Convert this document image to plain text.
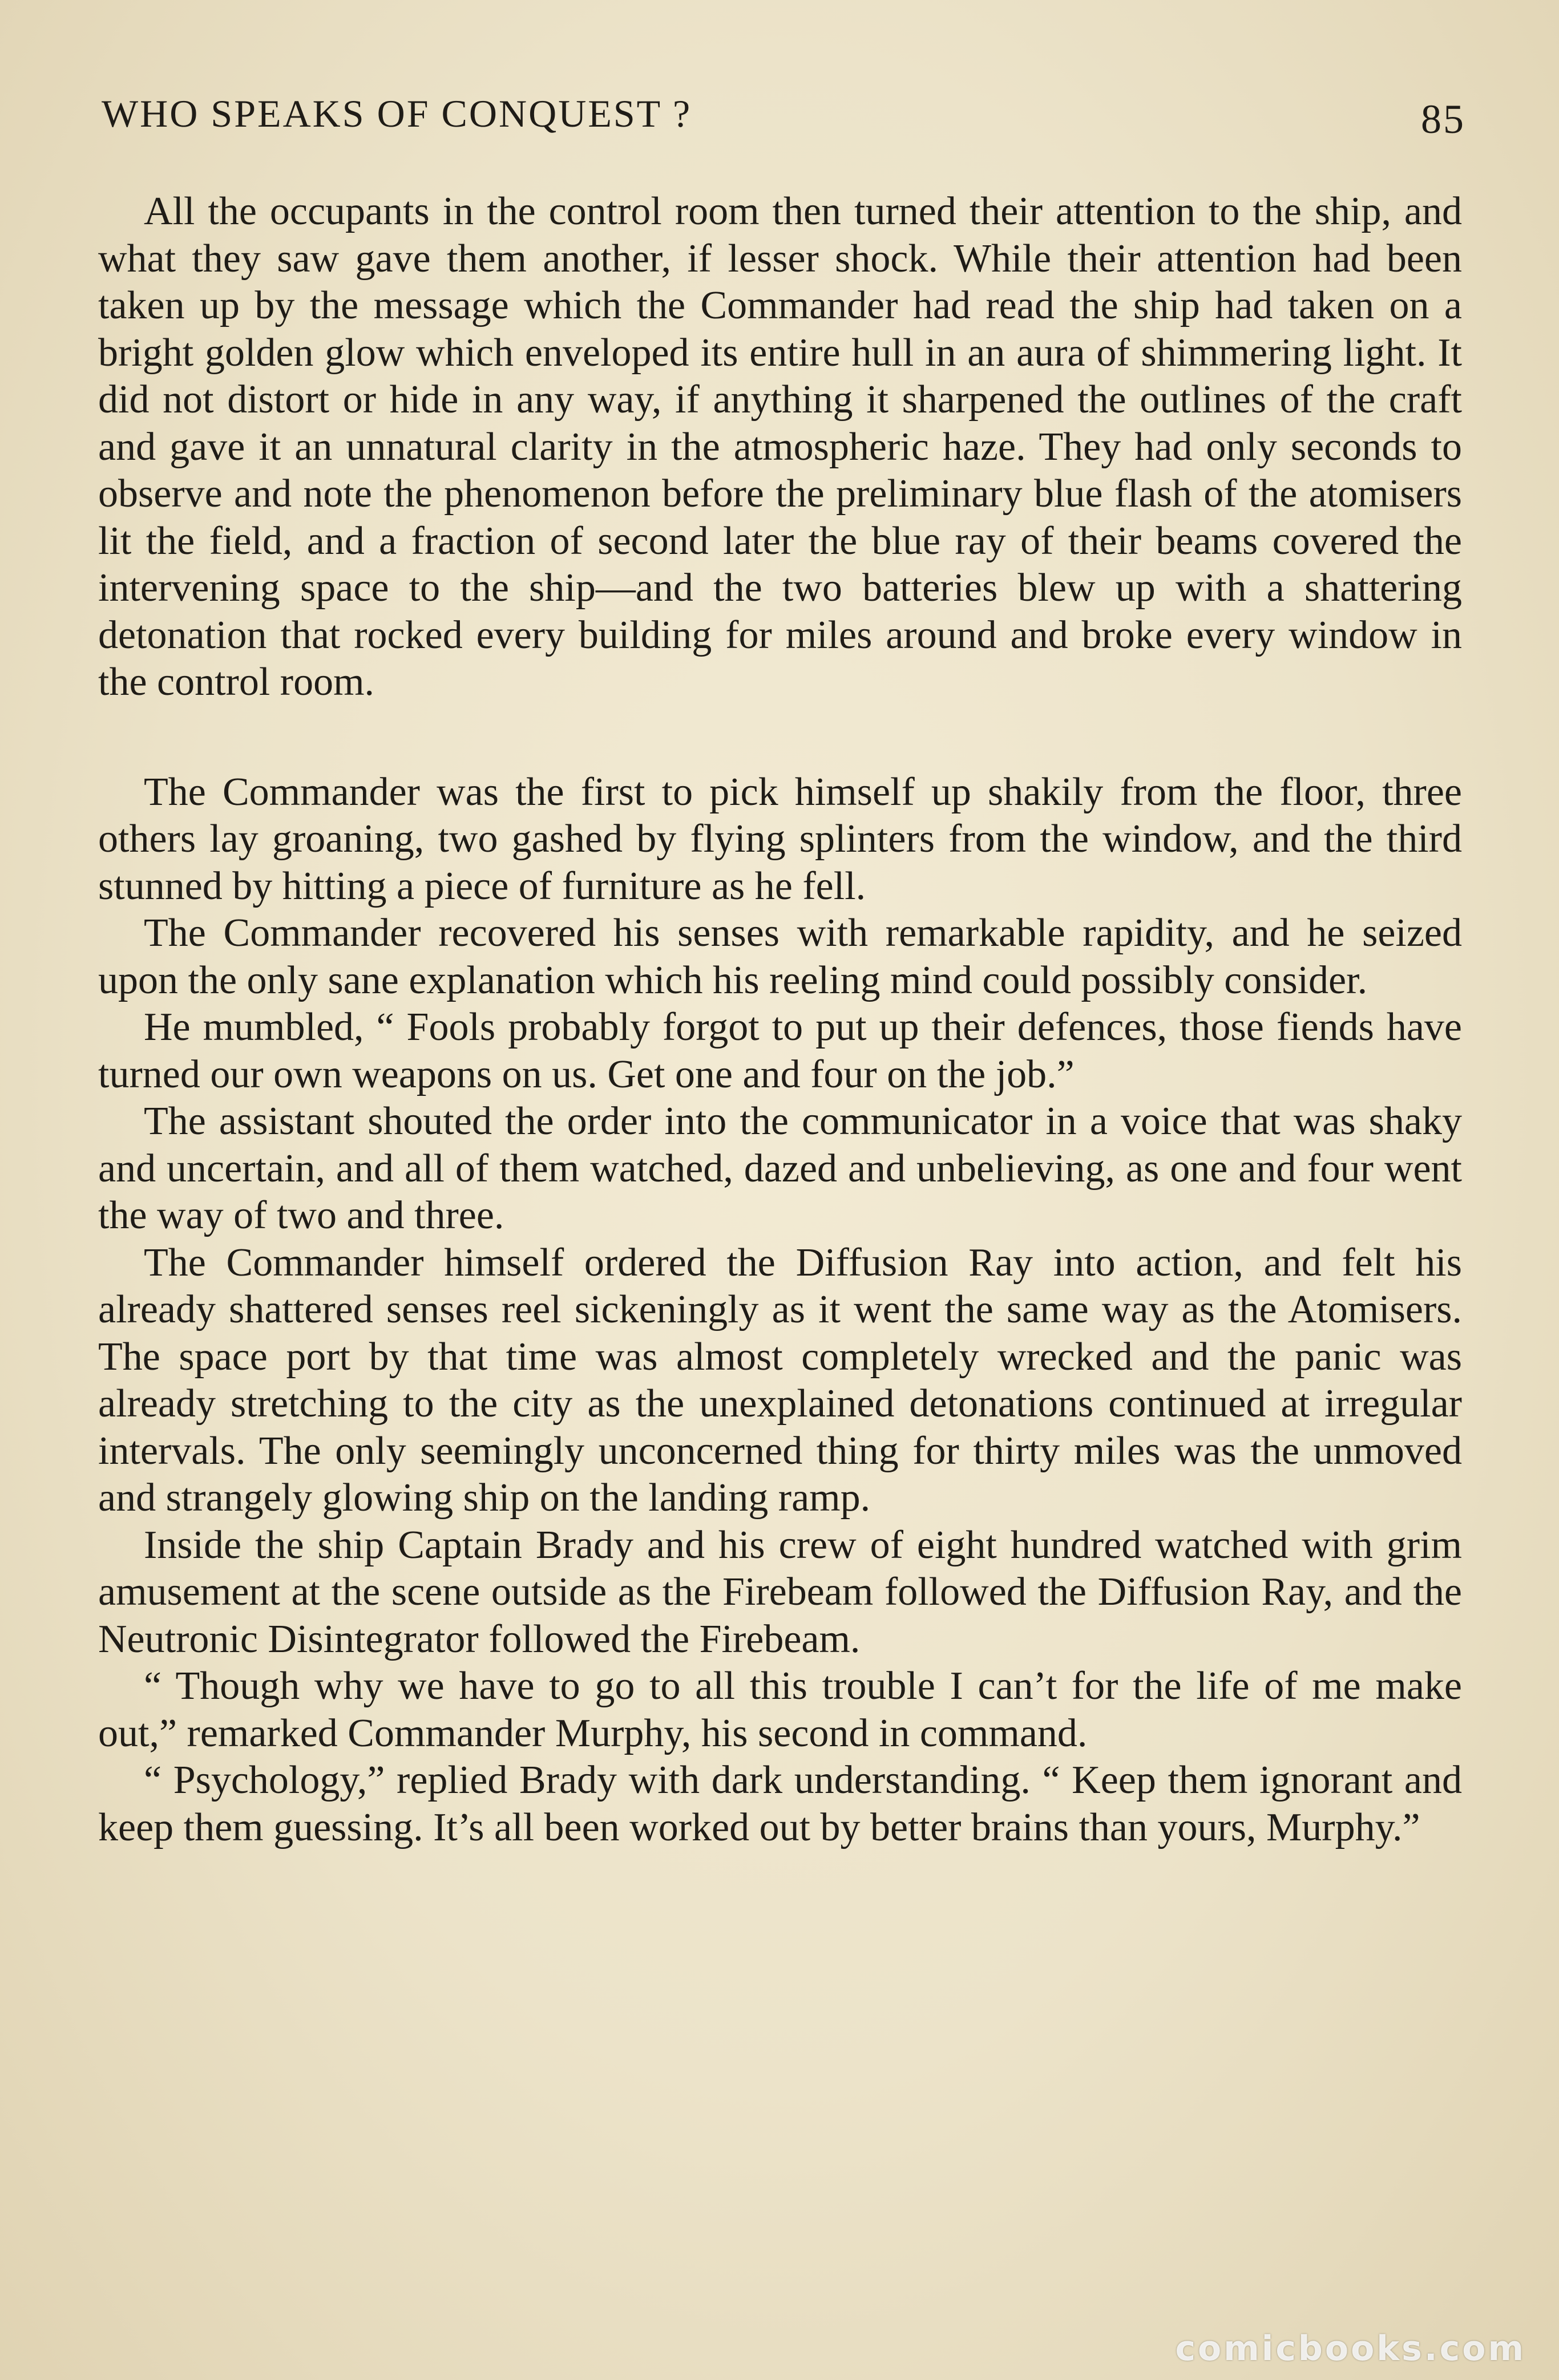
WHO SPEAKS OF CONQUEST ?	85

All the occupants in the control room then turned their attention to the ship, and what they saw gave them another, if lesser shock. While their attention had been taken up by the message which the Commander had read the ship had taken on a bright golden glow which enveloped its entire hull in an aura of shimmering light. It did not distort or hide in any way, if anything it sharpened the outlines of the craft and gave it an unnatural clarity in the atmospheric haze. They had only seconds to observe and note the phenomenon before the preliminary blue flash of the atomisers lit the field, and a fraction of second later the blue ray of their beams covered the intervening space to the ship—and the two batteries blew up with a shattering detonation that rocked every building for miles around and broke every window in the control room.

The Commander was the first to pick himself up shakily from the floor, three others lay groaning, two gashed by flying splinters from the window, and the third stunned by hitting a piece of furniture as he fell.

The Commander recovered his senses with remarkable rapidity, and he seized upon the only sane explanation which his reeling mind could possibly consider.

He mumbled, “ Fools probably forgot to put up their defences, those fiends have turned our own weapons on us. Get one and four on the job.”

The assistant shouted the order into the communicator in a voice that was shaky and uncertain, and all of them watched, dazed and unbelieving, as one and four went the way of two and three.

The Commander himself ordered the Diffusion Ray into action, and felt his already shattered senses reel sickeningly as it went the same way as the Atomisers. The space port by that time was almost completely wrecked and the panic was already stretching to the city as the unexplained detonations continued at irregular intervals. The only seemingly unconcerned thing for thirty miles was the unmoved and strangely glowing ship on the landing ramp.

Inside the ship Captain Brady and his crew of eight hundred watched with grim amusement at the scene outside as the Firebeam followed the Diffusion Ray, and the Neutronic Disintegrator followed the Firebeam.

“ Though why we have to go to all this trouble I can’t for the life of me make out,” remarked Commander Murphy, his second in command.

“ Psychology,” replied Brady with dark understanding. “ Keep them ignorant and keep them guessing. It’s all been worked out by better brains than yours, Murphy.”

comicbooks.com
